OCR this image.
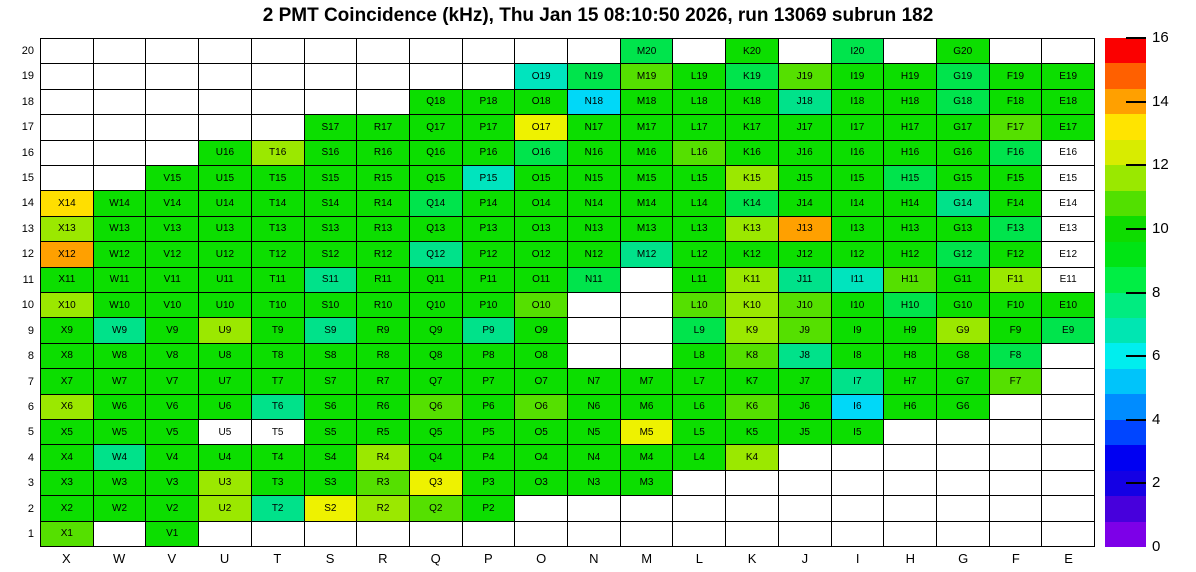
2 PMT Coincidence (kHz), Thu Jan 15 08:10:50 2026, run 13069 subrun 182
M20	K20	I20	G20
O19	N19	M19	L19	K19	J19	I19	H19	G19	F19	E19
Q18	P18	O18	N18	M18	L18	K18	J18	I18	H18	G18	F18	E18
S17	R17	Q17	P17	O17	N17	M17	L17	K17	J17	I17	H17	G17	F17	E17
U16	T16	S16	R16	Q16	P16	O16	N16	M16	L16	K16	J16	I16	H16	G16	F16	E16
V15	U15	T15	S15	R15	Q15	P15	O15	N15	M15	L15	K15	J15	I15	H15	G15	F15	E15
X14	W14	V14	U14	T14	S14	R14	Q14	P14	O14	N14	M14	L14	K14	J14	I14	H14	G14	F14	E14
X13	W13	V13	U13	T13	S13	R13	Q13	P13	O13	N13	M13	L13	K13	J13	I13	H13	G13	F13	E13
X12	W12	V12	U12	T12	S12	R12	Q12	P12	O12	N12	M12	L12	K12	J12	I12	H12	G12	F12	E12
X11	W11	V11	U11	T11	S11	R11	Q11	P11	O11	N11	L11	K11	J11	I11	H11	G11	F11	E11
X10	W10	V10	U10	T10	S10	R10	Q10	P10	O10	L10	K10	J10	I10	H10	G10	F10	E10
X9	W9	V9	U9	T9	S9	R9	Q9	P9	O9	L9	K9	J9	I9	H9	G9	F9	E9
X8	W8	V8	U8	T8	S8	R8	Q8	P8	O8	L8	K8	J8	I8	H8	G8	F8
X7	W7	V7	U7	T7	S7	R7	Q7	P7	O7	N7	M7	L7	K7	J7	I7	H7	G7	F7
X6	W6	V6	U6	T6	S6	R6	Q6	P6	O6	N6	M6	L6	K6	J6	I6	H6	G6
X5	W5	V5	U5	T5	S5	R5	Q5	P5	O5	N5	M5	L5	K5	J5	I5
X4	W4	V4	U4	T4	S4	R4	Q4	P4	O4	N4	M4	L4	K4
X3	W3	V3	U3	T3	S3	R3	Q3	P3	O3	N3	M3
X2	W2	V2	U2	T2	S2	R2	Q2	P2
X1	V1
20
19
18
17
16
15
14
13
12
11
10
9
8
7
6
5
4
3
2
1
X	W	V	U	T	S	R	Q	P	O	N	M	L	K	J	I	H	G	F	E
0
2
4
6
8
10
12
14
16
